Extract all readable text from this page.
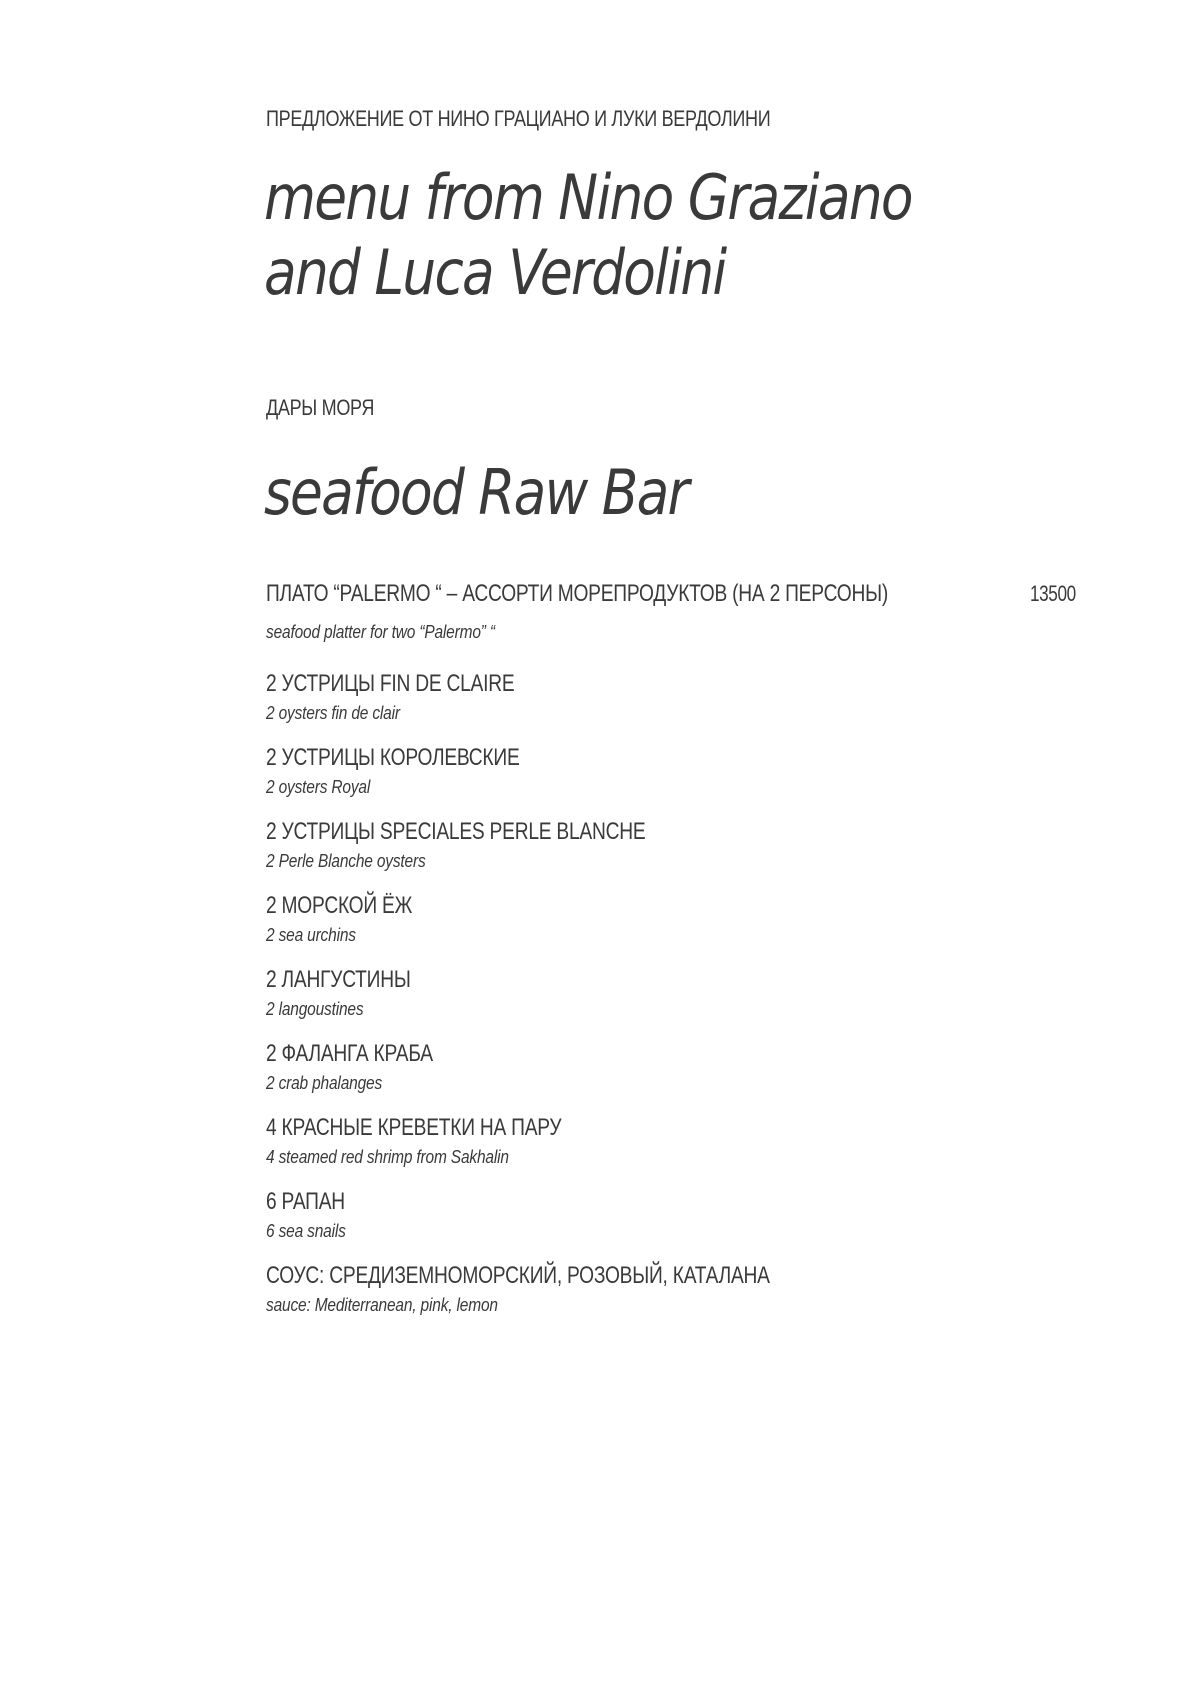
ПРЕДЛОЖЕНИЕ ОТ НИНО ГРАЦИАНО И ЛУКИ ВЕРДОЛИНИ
menu from Nino Graziano
and Luca Verdolini
ДАРЫ МОРЯ
seafood Raw Bar
ПЛАТО “PALERMO “ – АССОРТИ МОРЕПРОДУКТОВ (НА 2 ПЕРСОНЫ)	13500
seafood platter for two “Palermo” “
2 УСТРИЦЫ FIN DE CLAIRE
2 oysters fin de clair
2 УСТРИЦЫ КОРОЛЕВСКИЕ
2 oysters Royal
2 УСТРИЦЫ SPECIALES PERLE BLANCHE
2 Perle Blanche oysters
2 МОРСКОЙ ЁЖ
2 sea urchins
2 ЛАНГУСТИНЫ
2 langoustines
2 ФАЛАНГА КРАБА
2 crab phalanges
4 КРАСНЫЕ КРЕВЕТКИ НА ПАРУ
4 steamed red shrimp from Sakhalin
6 РАПАН
6 sea snails
СОУС: СРЕДИЗЕМНОМОРСКИЙ, РОЗОВЫЙ, КАТАЛАНА
sauce: Mediterranean, pink, lemon
